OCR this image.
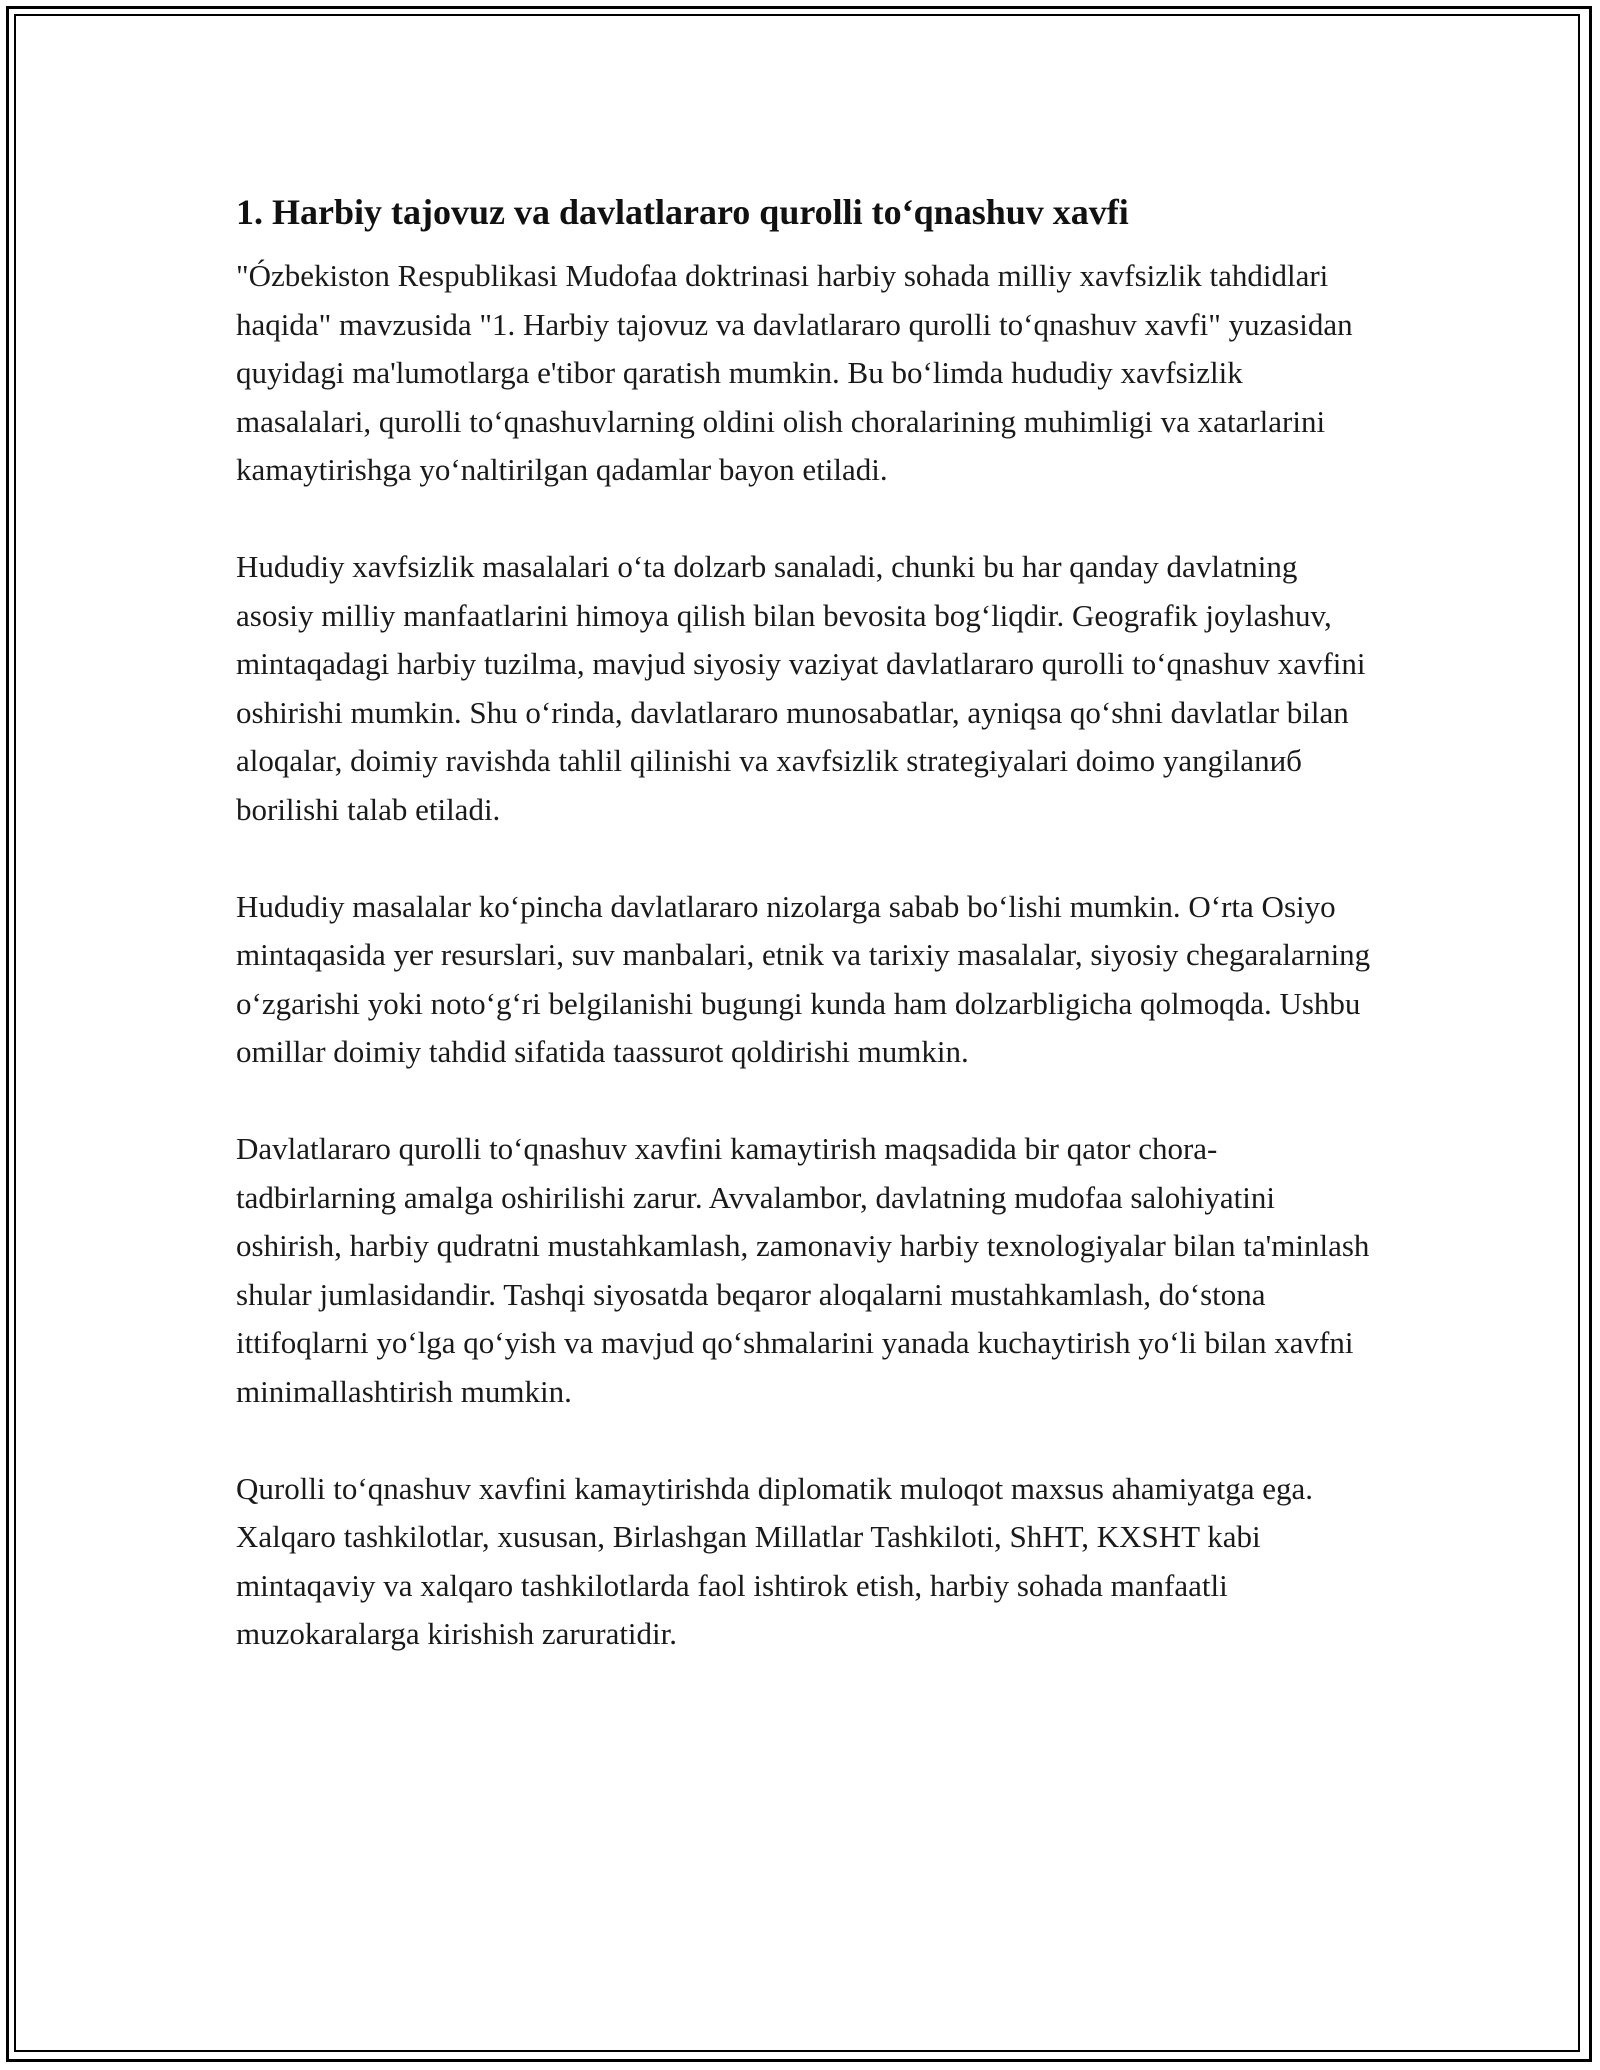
1. Harbiy tajovuz va davlatlararo qurolli to‘qnashuv xavfi

"Ózbekiston Respublikasi Mudofaa doktrinasi harbiy sohada milliy xavfsizlik tahdidlari haqida" mavzusida "1. Harbiy tajovuz va davlatlararo qurolli to‘qnashuv xavfi" yuzasidan quyidagi ma'lumotlarga e'tibor qaratish mumkin. Bu bo‘limda hududiy xavfsizlik masalalari, qurolli to‘qnashuvlarning oldini olish choralarining muhimligi va xatarlarini kamaytirishga yo‘naltirilgan qadamlar bayon etiladi.

Hududiy xavfsizlik masalalari o‘ta dolzarb sanaladi, chunki bu har qanday davlatning asosiy milliy manfaatlarini himoya qilish bilan bevosita bog‘liqdir. Geografik joylashuv, mintaqadagi harbiy tuzilma, mavjud siyosiy vaziyat davlatlararo qurolli to‘qnashuv xavfini oshirishi mumkin. Shu o‘rinda, davlatlararo munosabatlar, ayniqsa qo‘shni davlatlar bilan aloqalar, doimiy ravishda tahlil qilinishi va xavfsizlik strategiyalari doimo yangilanиб borilishi talab etiladi.

Hududiy masalalar ko‘pincha davlatlararo nizolarga sabab bo‘lishi mumkin. O‘rta Osiyo mintaqasida yer resurslari, suv manbalari, etnik va tarixiy masalalar, siyosiy chegaralarning o‘zgarishi yoki noto‘g‘ri belgilanishi bugungi kunda ham dolzarbligicha qolmoqda. Ushbu omillar doimiy tahdid sifatida taassurot qoldirishi mumkin.

Davlatlararo qurolli to‘qnashuv xavfini kamaytirish maqsadida bir qator chora-tadbirlarning amalga oshirilishi zarur. Avvalambor, davlatning mudofaa salohiyatini oshirish, harbiy qudratni mustahkamlash, zamonaviy harbiy texnologiyalar bilan ta'minlash shular jumlasidandir. Tashqi siyosatda beqaror aloqalarni mustahkamlash, do‘stona ittifoqlarni yo‘lga qo‘yish va mavjud qo‘shmalarini yanada kuchaytirish yo‘li bilan xavfni minimallashtirish mumkin.

Qurolli to‘qnashuv xavfini kamaytirishda diplomatik muloqot maxsus ahamiyatga ega. Xalqaro tashkilotlar, xususan, Birlashgan Millatlar Tashkiloti, ShHT, KXSHT kabi mintaqaviy va xalqaro tashkilotlarda faol ishtirok etish, harbiy sohada manfaatli muzokaralarga kirishish zaruratidir.
